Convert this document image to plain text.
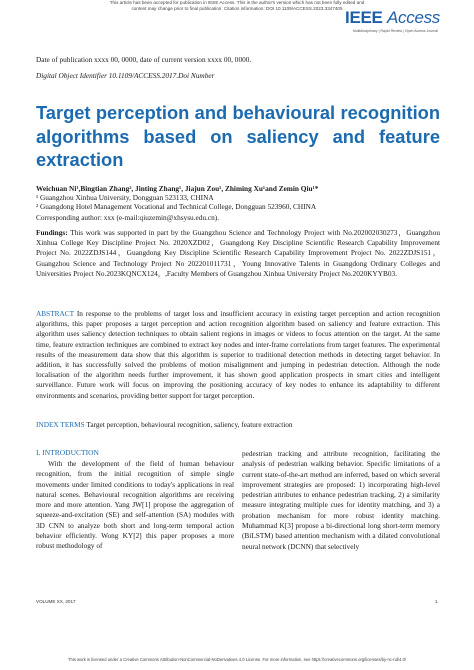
This article has been accepted for publication in IEEE Access. This is the author's version which has not been fully edited and
content may change prior to final publication. Citation information: DOI 10.1109/ACCESS.2023.3347405 IEEE Access
Multidisciplinary | Rapid Review | Open Access Journal
Date of publication xxxx 00, 0000, date of current version xxxx 00, 0000.
Digital Object Identifier 10.1109/ACCESS.2017.Doi Number
Target perception and behavioural recognition algorithms based on saliency and feature extraction
Weichuan Ni¹,Bingtian Zhang², Jinting Zhang¹, Jiajun Zou¹, Zhiming Xu¹and Zemin Qiu¹*
¹ Guangzhou Xinhua University, Dongguan 523133, CHINA
² Guangdong Hotel Management Vocational and Technical College, Dongguan 523960, CHINA
Corresponding author: xxx (e-mail:qiuzemin@xhsysu.edu.cn).

Fundings: This work was supported in part by the Guangzhou Science and Technology Project with No.202002030273，Guangzhou Xinhua College Key Discipline Project No. 2020XZD02，Guangdong Key Discipline Scientific Research Capability Improvement Project No. 2022ZDJS144，Guangdong Key Discipline Scientific Research Capability Improvement Project No. 2022ZDJS151，Guangzhou Science and Technology Project No 202201011731，Young Innovative Talents in Guangdong Ordinary Colleges and Universities Project No.2023KQNCX124，,Faculty Members of Guangzhou Xinhua University Project No.2020KYYB03.

ABSTRACT In response to the problems of target loss and insufficient accuracy in existing target perception and action recognition algorithms, this paper proposes a target perception and action recognition algorithm based on saliency and feature extraction. This algorithm uses saliency detection techniques to obtain salient regions in images or videos to focus attention on the target. At the same time, feature extraction techniques are combined to extract key nodes and inter-frame correlations from target features. The experimental results of the measurement data show that this algorithm is superior to traditional detection methods in detecting target behavior. In addition, it has successfully solved the problems of motion misalignment and jumping in pedestrian detection. Although the node localisation of the algorithm needs further improvement, it has shown good application prospects in smart cities and intelligent surveillance. Future work will focus on improving the positioning accuracy of key nodes to enhance its adaptability to different environments and scenarios, providing better support for target perception.

INDEX TERMS Target perception, behavioural recognition, saliency, feature extraction

I. INTRODUCTION

With the development of the field of human behaviour recognition, from the initial recognition of simple single movements under limited conditions to today's applications in real natural scenes. Behavioural recognition algorithms are receiving more and more attention. Yang JW[1] propose the aggregation of squeeze-and-excitation (SE) and self-attention (SA) modules with 3D CNN to analyze both short and long-term temporal action behavior efficiently. Wong KY[2] this paper proposes a more robust methodology of

pedestrian tracking and attribute recognition, facilitating the analysis of pedestrian walking behavior. Specific limitations of a current state-of-the-art method are inferred, based on which several improvement strategies are proposed: 1) incorporating high-level pedestrian attributes to enhance pedestrian tracking, 2) a similarity measure integrating multiple cues for identity matching, and 3) a probation mechanism for more robust identity matching. Muhammad K[3] propose a bi-directional long short-term memory (BiLSTM) based attention mechanism with a dilated convolutional neural network (DCNN) that selectively

VOLUME XX, 2017	1
This work is licensed under a Creative Commons Attribution-NonCommercial-NoDerivatives 4.0 License. For more information, see https://creativecommons.org/licenses/by-nc-nd/4.0/
